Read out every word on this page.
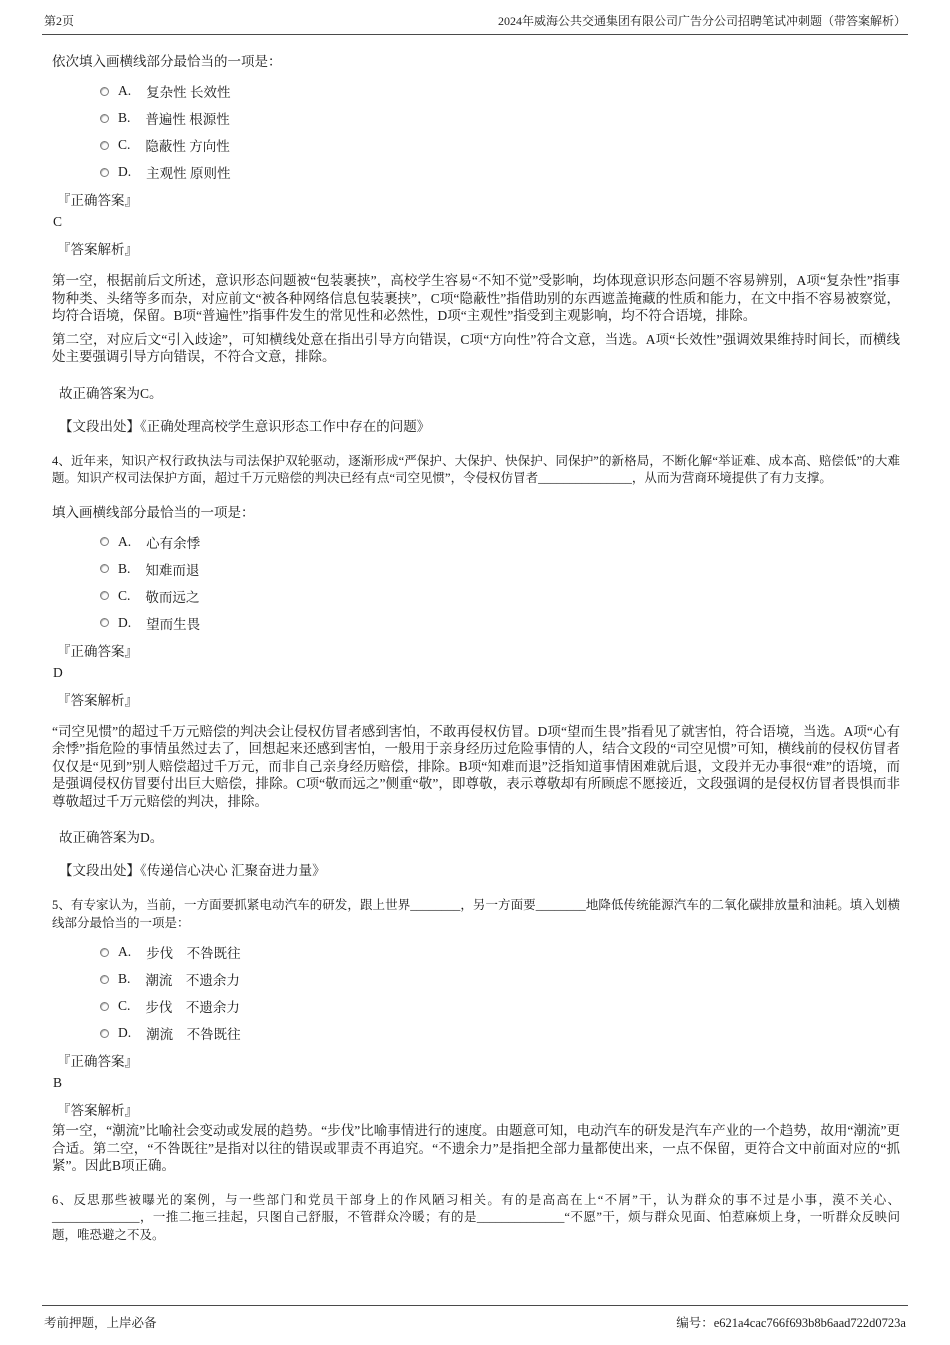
第2页	2024年威海公共交通集团有限公司广告分公司招聘笔试冲刺题（带答案解析）

依次填入画横线部分最恰当的一项是：

A. 复杂性 长效性
B. 普遍性 根源性
C. 隐蔽性 方向性
D. 主观性 原则性

『正确答案』

C

『答案解析』

第一空，根据前后文所述，意识形态问题被“包装裹挟”，高校学生容易“不知不觉”受影响，均体现意识形态问题不容易辨别，A项“复杂性”指事物种类、头绪等多而杂，对应前文“被各种网络信息包装裹挟”，C项“隐蔽性”指借助别的东西遮盖掩藏的性质和能力，在文中指不容易被察觉，均符合语境，保留。B项“普遍性”指事件发生的常见性和必然性，D项“主观性”指受到主观影响，均不符合语境，排除。

第二空，对应后文“引入歧途”，可知横线处意在指出引导方向错误，C项“方向性”符合文意，当选。A项“长效性”强调效果维持时间长，而横线处主要强调引导方向错误，不符合文意，排除。

故正确答案为C。

【文段出处】《正确处理高校学生意识形态工作中存在的问题》

4、近年来，知识产权行政执法与司法保护双轮驱动，逐渐形成“严保护、大保护、快保护、同保护”的新格局，不断化解“举证难、成本高、赔偿低”的大难题。知识产权司法保护方面，超过千万元赔偿的判决已经有点“司空见惯”，令侵权仿冒者_______________，从而为营商环境提供了有力支撑。

填入画横线部分最恰当的一项是：

A. 心有余悸
B. 知难而退
C. 敬而远之
D. 望而生畏

『正确答案』

D

『答案解析』

“司空见惯”的超过千万元赔偿的判决会让侵权仿冒者感到害怕，不敢再侵权仿冒。D项“望而生畏”指看见了就害怕，符合语境，当选。A项“心有余悸”指危险的事情虽然过去了，回想起来还感到害怕，一般用于亲身经历过危险事情的人，结合文段的“司空见惯”可知，横线前的侵权仿冒者仅仅是“见到”别人赔偿超过千万元，而非自己亲身经历赔偿，排除。B项“知难而退”泛指知道事情困难就后退，文段并无办事很“难”的语境，而是强调侵权仿冒要付出巨大赔偿，排除。C项“敬而远之”侧重“敬”，即尊敬，表示尊敬却有所顾虑不愿接近，文段强调的是侵权仿冒者畏惧而非尊敬超过千万元赔偿的判决，排除。

故正确答案为D。

【文段出处】《传递信心决心 汇聚奋进力量》

5、有专家认为，当前，一方面要抓紧电动汽车的研发，跟上世界________，另一方面要________地降低传统能源汽车的二氧化碳排放量和油耗。填入划横线部分最恰当的一项是：

A. 步伐　不咎既往
B. 潮流　不遗余力
C. 步伐　不遗余力
D. 潮流　不咎既往

『正确答案』

B

『答案解析』

第一空，“潮流”比喻社会变动或发展的趋势。“步伐”比喻事情进行的速度。由题意可知，电动汽车的研发是汽车产业的一个趋势，故用“潮流”更合适。第二空，“不咎既往”是指对以往的错误或罪责不再追究。“不遗余力”是指把全部力量都使出来，一点不保留，更符合文中前面对应的“抓紧”。因此B项正确。

6、反思那些被曝光的案例，与一些部门和党员干部身上的作风陋习相关。有的是高高在上“不屑”干，认为群众的事不过是小事，漠不关心、______________，一推二拖三挂起，只图自己舒服，不管群众冷暖；有的是______________“不愿”干，烦与群众见面、怕惹麻烦上身，一听群众反映问题，唯恐避之不及。

考前押题，上岸必备	编号：e621a4cac766f693b8b6aad722d0723a
